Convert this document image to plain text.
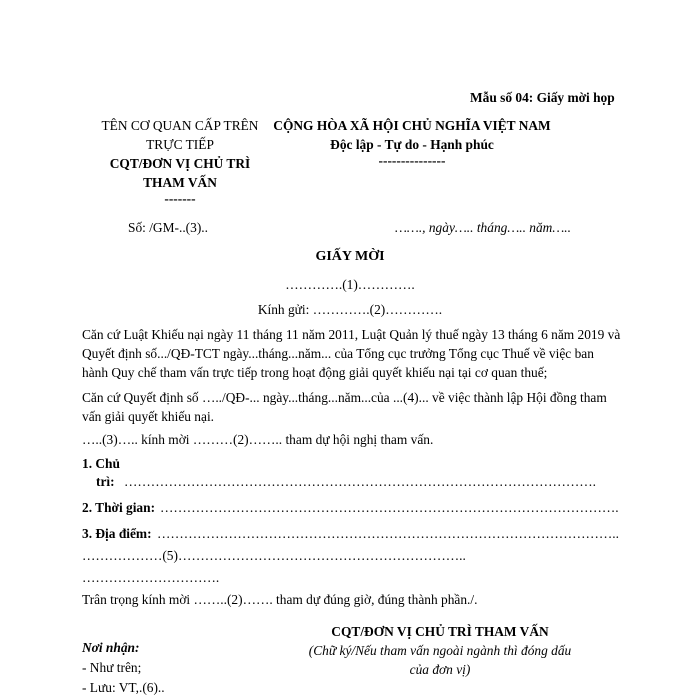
Mẫu số 04: Giấy mời họp
TÊN CƠ QUAN CẤP TRÊN
TRỰC TIẾP
CQT/ĐƠN VỊ CHỦ TRÌ
THAM VẤN
-------
CỘNG HÒA XÃ HỘI CHỦ NGHĨA VIỆT NAM
Độc lập - Tự do - Hạnh phúc
---------------
Số: /GM-..(3)..	……., ngày….. tháng….. năm…..
GIẤY MỜI
………….(1)………….
Kính gửi: ………….(2)………….
Căn cứ Luật Khiếu nại ngày 11 tháng 11 năm 2011, Luật Quản lý thuế ngày 13 tháng 6 năm 2019 và Quyết định số.../QĐ-TCT ngày...tháng...năm... của Tổng cục trưởng Tổng cục Thuế về việc ban hành Quy chế tham vấn trực tiếp trong hoạt động giải quyết khiếu nại tại cơ quan thuế;
Căn cứ Quyết định số …../QĐ-... ngày...tháng...năm...của ...(4)... về việc thành lập Hội đồng tham vấn giải quyết khiếu nại.
…..(3)….. kính mời ………(2)…….. tham dự hội nghị tham vấn.
1. Chủ
trì: …………………………………………………………………………………………….
2. Thời gian: ………………………………………………………………………………………….
3. Địa điểm: …………………………………………………………………………………………..
………………(5)………………………………………………………..
………………………….
Trân trọng kính mời ……..(2)……. tham dự đúng giờ, đúng thành phần./.
Nơi nhận:
- Như trên;
- Lưu: VT,.(6)..
CQT/ĐƠN VỊ CHỦ TRÌ THAM VẤN
(Chữ ký/Nếu tham vấn ngoài ngành thì đóng dấu
của đơn vị)
